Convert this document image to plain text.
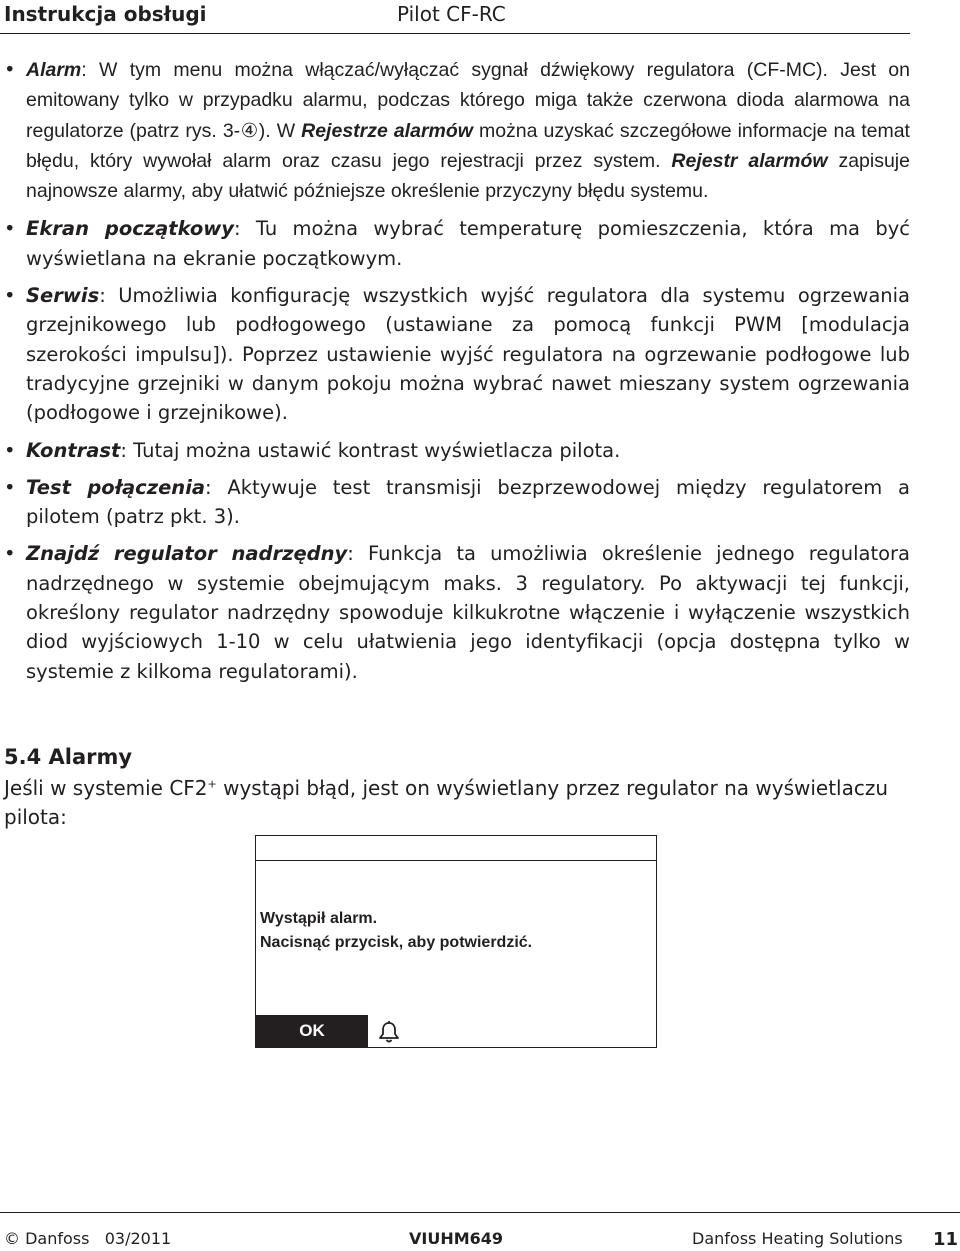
Instrukcja obsługi	Pilot CF-RC
• Alarm: W tym menu można włączać/wyłączać sygnał dźwiękowy regulatora (CF-MC). Jest on emitowany tylko w przypadku alarmu, podczas którego miga także czerwona dioda alarmowa na regulatorze (patrz rys. 3-④). W Rejestrze alarmów można uzyskać szczegółowe informacje na temat błędu, który wywołał alarm oraz czasu jego rejestracji przez system. Rejestr alarmów zapisuje najnowsze alarmy, aby ułatwić późniejsze określenie przyczyny błędu systemu.
• Ekran początkowy: Tu można wybrać temperaturę pomieszczenia, która ma być wyświetlana na ekranie początkowym.
• Serwis: Umożliwia konfigurację wszystkich wyjść regulatora dla systemu ogrzewania grzejnikowego lub podłogowego (ustawiane za pomocą funkcji PWM [modulacja szerokości impulsu]). Poprzez ustawienie wyjść regulatora na ogrzewanie podłogowe lub tradycyjne grzejniki w danym pokoju można wybrać nawet mieszany system ogrzewania (podłogowe i grzejnikowe).
• Kontrast: Tutaj można ustawić kontrast wyświetlacza pilota.
• Test połączenia: Aktywuje test transmisji bezprzewodowej między regulatorem a pilotem (patrz pkt. 3).
• Znajdź regulator nadrzędny: Funkcja ta umożliwia określenie jednego regulatora nadrzędnego w systemie obejmującym maks. 3 regulatory. Po aktywacji tej funkcji, określony regulator nadrzędny spowoduje kilkukrotne włączenie i wyłączenie wszystkich diod wyjściowych 1-10 w celu ułatwienia jego identyfikacji (opcja dostępna tylko w systemie z kilkoma regulatorami).
5.4 Alarmy
Jeśli w systemie CF2+ wystąpi błąd, jest on wyświetlany przez regulator na wyświetlaczu pilota:
Wystąpił alarm.
Nacisnąć przycisk, aby potwierdzić.
OK
© Danfoss   03/2011	VIUHM649	Danfoss Heating Solutions 11
